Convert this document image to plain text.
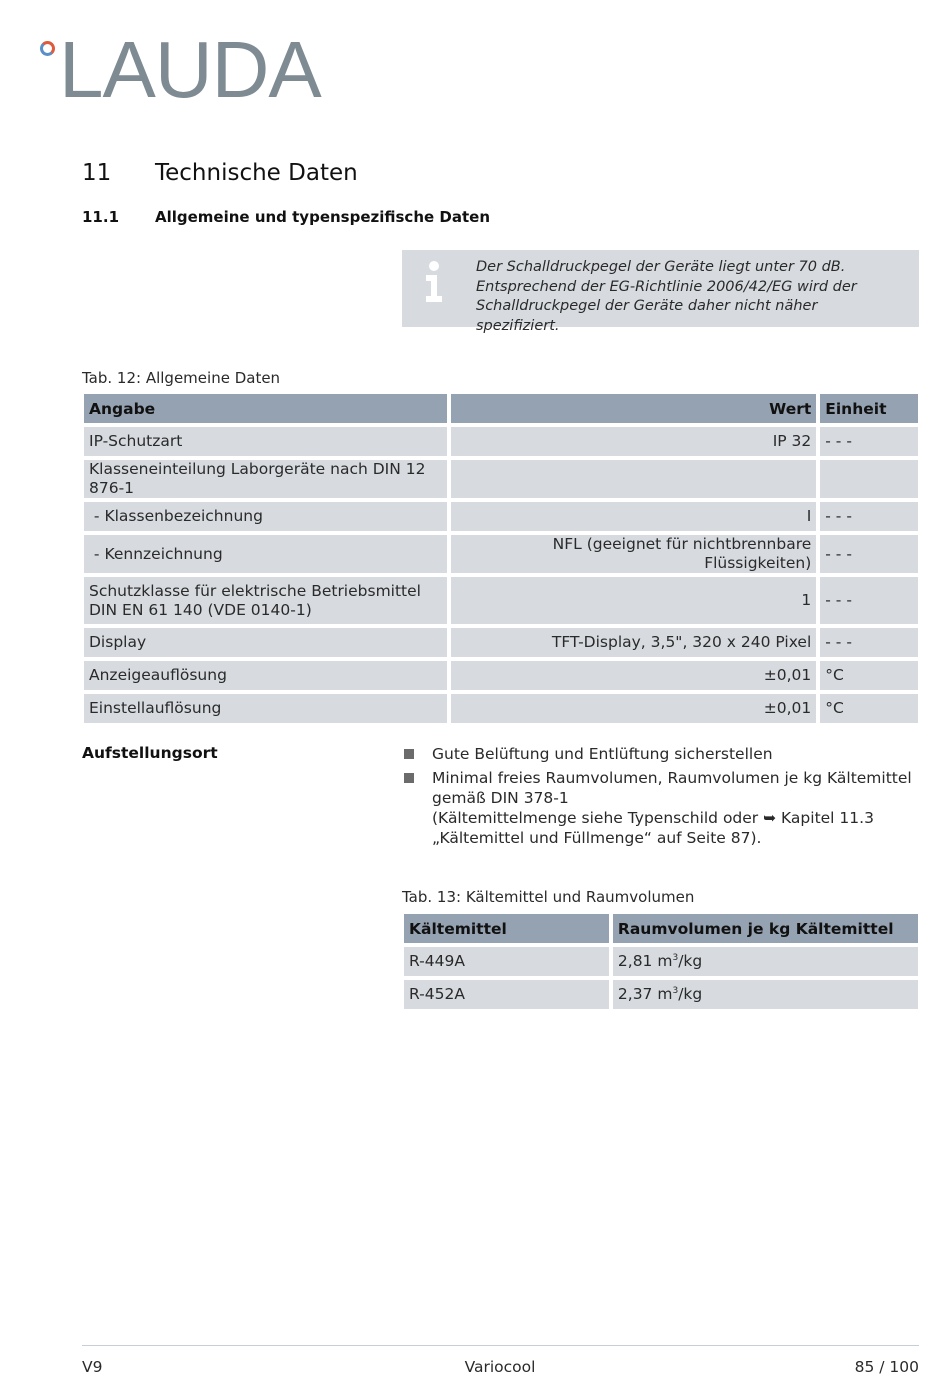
LAUDA
11 Technische Daten
11.1 Allgemeine und typenspezifische Daten
Der Schalldruckpegel der Geräte liegt unter 70 dB. Entsprechend der EG-Richtlinie 2006/42/EG wird der Schalldruckpegel der Geräte daher nicht näher spezifiziert.
Tab. 12: Allgemeine Daten
Angabe	Wert	Einheit
IP-Schutzart	IP 32	- - -
Klasseneinteilung Laborgeräte nach DIN 12 876-1		
- Klassenbezeichnung	I	- - -
- Kennzeichnung	NFL (geeignet für nichtbrennbare Flüssigkeiten)	- - -
Schutzklasse für elektrische Betriebsmittel DIN EN 61 140 (VDE 0140-1)	1	- - -
Display	TFT-Display, 3,5", 320 x 240 Pixel	- - -
Anzeigeauflösung	±0,01	°C
Einstellauflösung	±0,01	°C
Aufstellungsort	Gute Belüftung und Entlüftung sicherstellen
Minimal freies Raumvolumen, Raumvolumen je kg Kältemittel gemäß DIN 378-1
(Kältemittelmenge siehe Typenschild oder ➥ Kapitel 11.3 „Kältemittel und Füllmenge“ auf Seite 87).
Tab. 13: Kältemittel und Raumvolumen
Kältemittel	Raumvolumen je kg Kältemittel
R-449A	2,81 $m^3/kg$
R-452A	2,37 $m^3/kg$
V9	Variocool	85 / 100
